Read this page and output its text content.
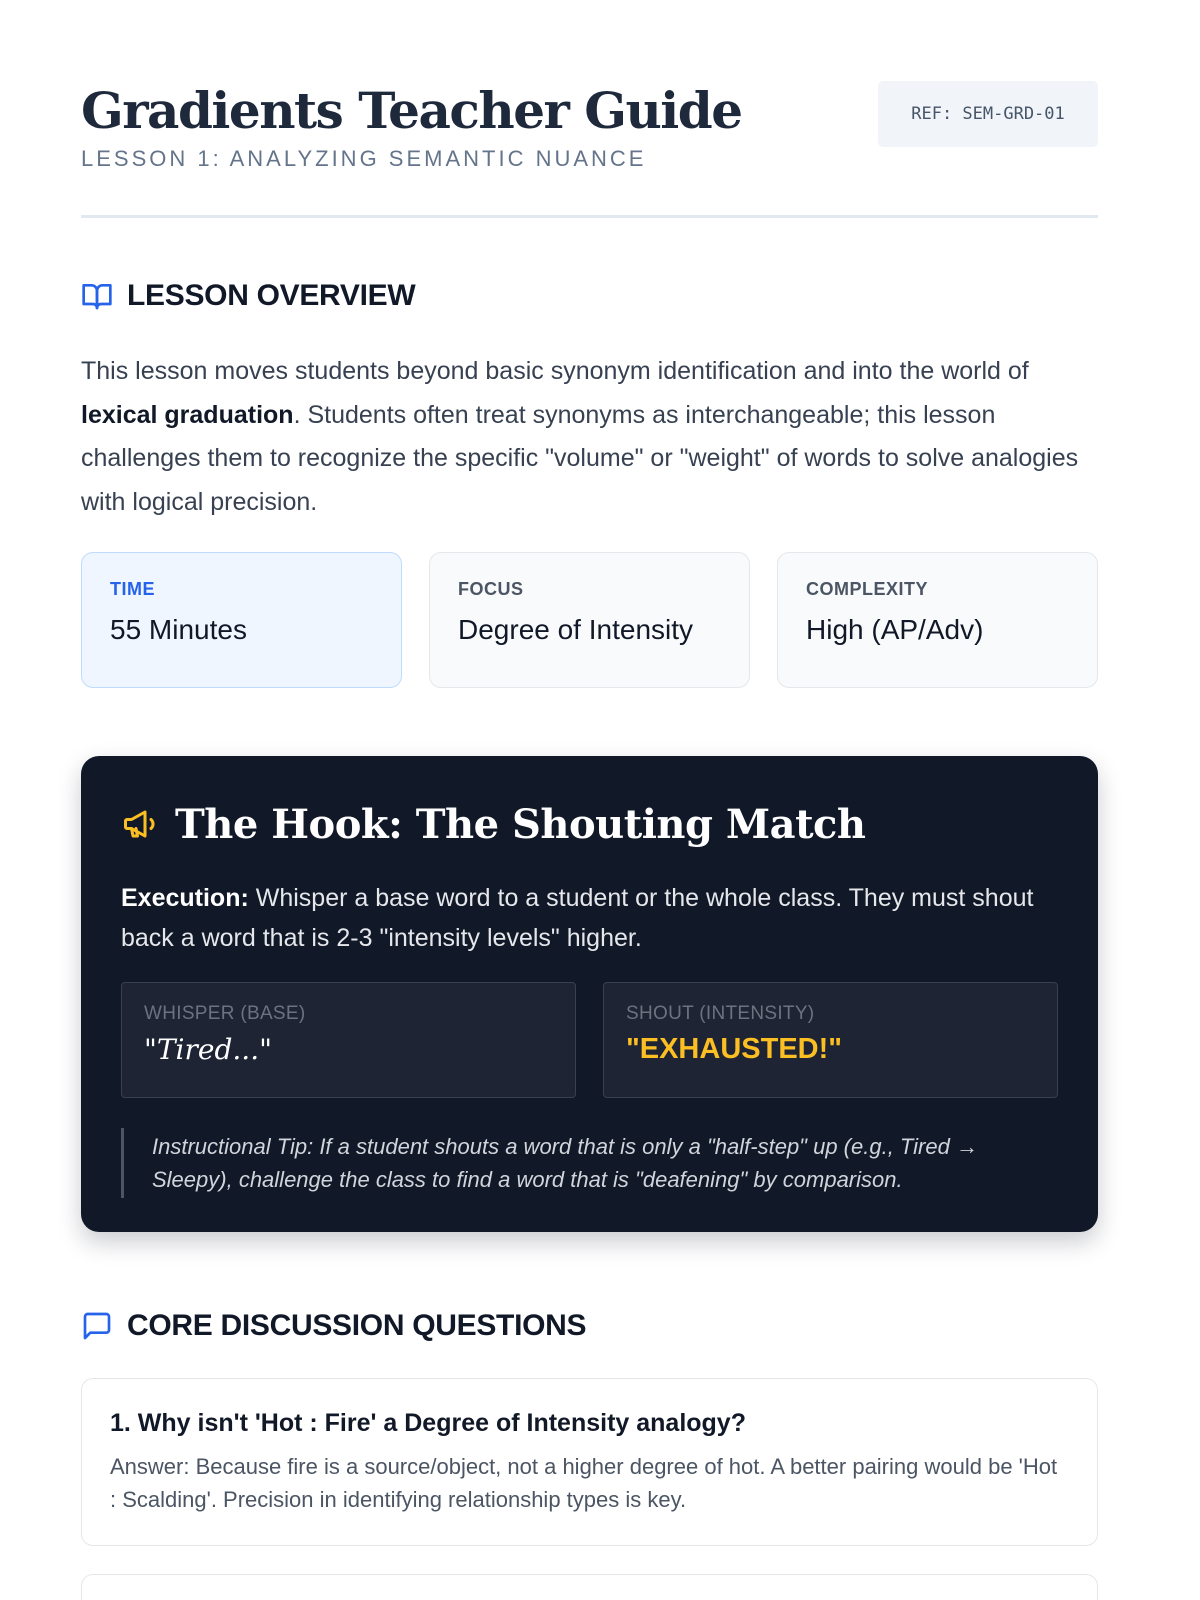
Gradients Teacher Guide
LESSON 1: ANALYZING SEMANTIC NUANCE
REF: SEM-GRD-01
LESSON OVERVIEW

This lesson moves students beyond basic synonym identification and into the world of lexical graduation. Students often treat synonyms as interchangeable; this lesson challenges them to recognize the specific "volume" or "weight" of words to solve analogies with logical precision.

TIME
55 Minutes
FOCUS
Degree of Intensity
COMPLEXITY
High (AP/Adv)
The Hook: The Shouting Match

Execution: Whisper a base word to a student or the whole class. They must shout back a word that is 2-3 "intensity levels" higher.

WHISPER (BASE)
"Tired..."
SHOUT (INTENSITY)
"EXHAUSTED!"
Instructional Tip: If a student shouts a word that is only a "half-step" up (e.g., Tired → Sleepy), challenge the class to find a word that is "deafening" by comparison.
CORE DISCUSSION QUESTIONS
1. Why isn't 'Hot : Fire' a Degree of Intensity analogy?
Answer: Because fire is a source/object, not a higher degree of hot. A better pairing would be 'Hot : Scalding'. Precision in identifying relationship types is key.
